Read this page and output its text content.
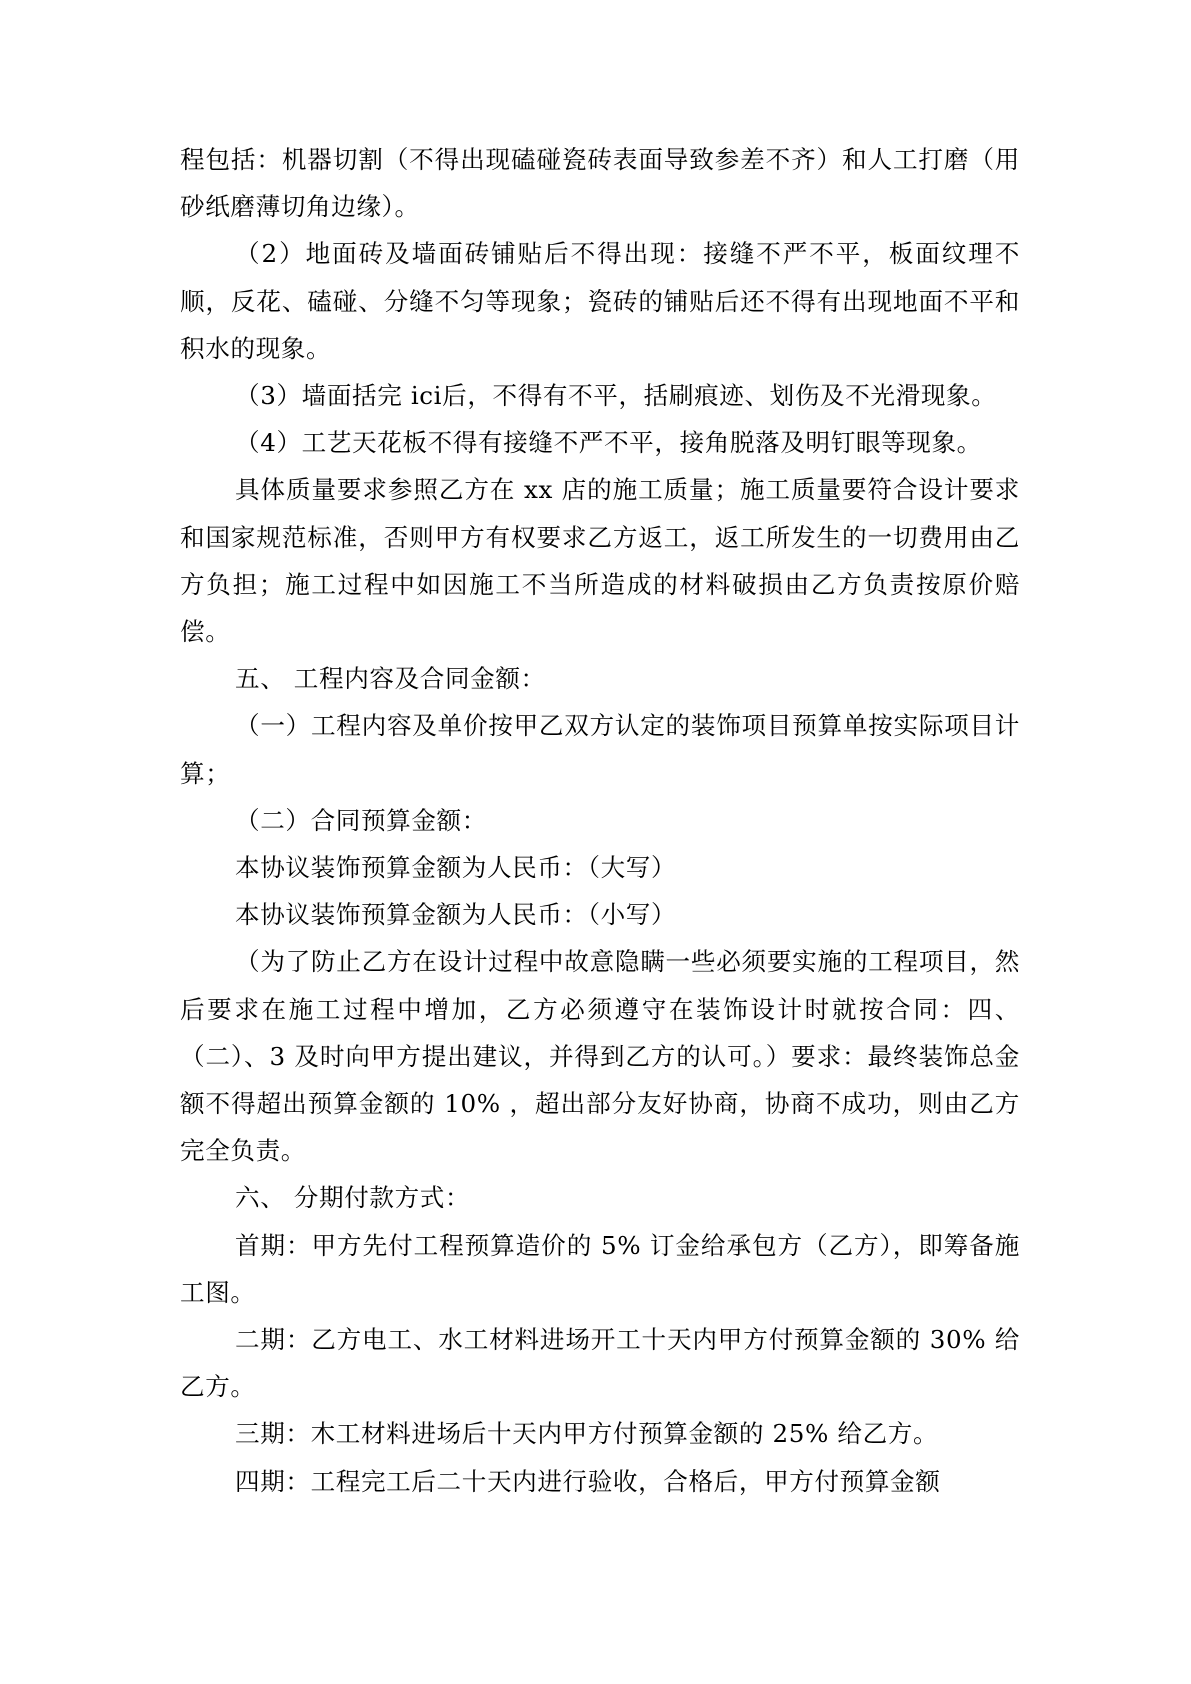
程包括：机器切割（不得出现磕碰瓷砖表面导致参差不齐）和人工打磨（用砂纸磨薄切角边缘）。

（2）地面砖及墙面砖铺贴后不得出现：接缝不严不平，板面纹理不顺，反花、磕碰、分缝不匀等现象；瓷砖的铺贴后还不得有出现地面不平和积水的现象。

（3）墙面括完 ici后，不得有不平，括刷痕迹、划伤及不光滑现象。

（4）工艺天花板不得有接缝不严不平，接角脱落及明钉眼等现象。

具体质量要求参照乙方在 xx 店的施工质量；施工质量要符合设计要求和国家规范标准，否则甲方有权要求乙方返工，返工所发生的一切费用由乙方负担；施工过程中如因施工不当所造成的材料破损由乙方负责按原价赔偿。

五、 工程内容及合同金额：

（一）工程内容及单价按甲乙双方认定的装饰项目预算单按实际项目计算；

（二）合同预算金额：

本协议装饰预算金额为人民币：（大写）

本协议装饰预算金额为人民币：（小写）

（为了防止乙方在设计过程中故意隐瞒一些必须要实施的工程项目，然后要求在施工过程中增加，乙方必须遵守在装饰设计时就按合同：四、（二）、3 及时向甲方提出建议，并得到乙方的认可。）要求：最终装饰总金额不得超出预算金额的 10% ，超出部分友好协商，协商不成功，则由乙方完全负责。

六、 分期付款方式：

首期：甲方先付工程预算造价的 5% 订金给承包方（乙方），即筹备施工图。

二期：乙方电工、水工材料进场开工十天内甲方付预算金额的 30% 给乙方。

三期：木工材料进场后十天内甲方付预算金额的 25% 给乙方。

四期：工程完工后二十天内进行验收，合格后，甲方付预算金额
